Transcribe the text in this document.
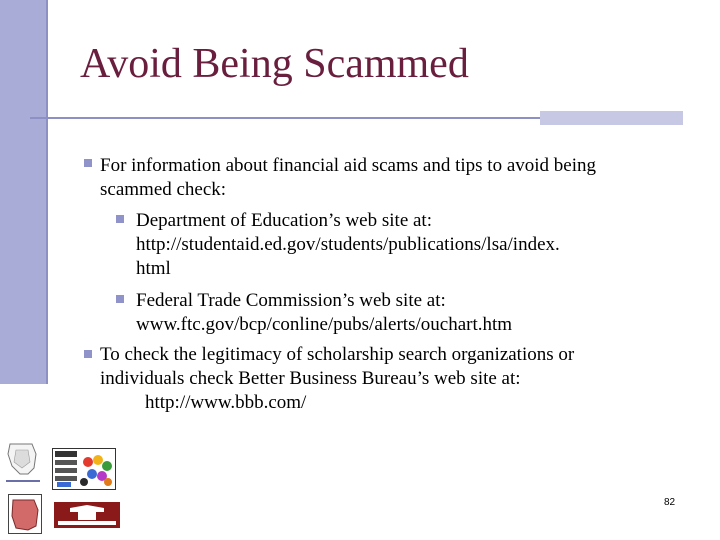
Avoid Being Scammed
For information about financial aid scams and tips to avoid being
scammed check:
Department of Education’s web site at:
http://studentaid.ed.gov/students/publications/lsa/index.
html
Federal Trade Commission’s web site at:
www.ftc.gov/bcp/conline/pubs/alerts/ouchart.htm
To check the legitimacy of scholarship search organizations or
individuals check Better Business Bureau’s web site at:
http://www.bbb.com/
82
